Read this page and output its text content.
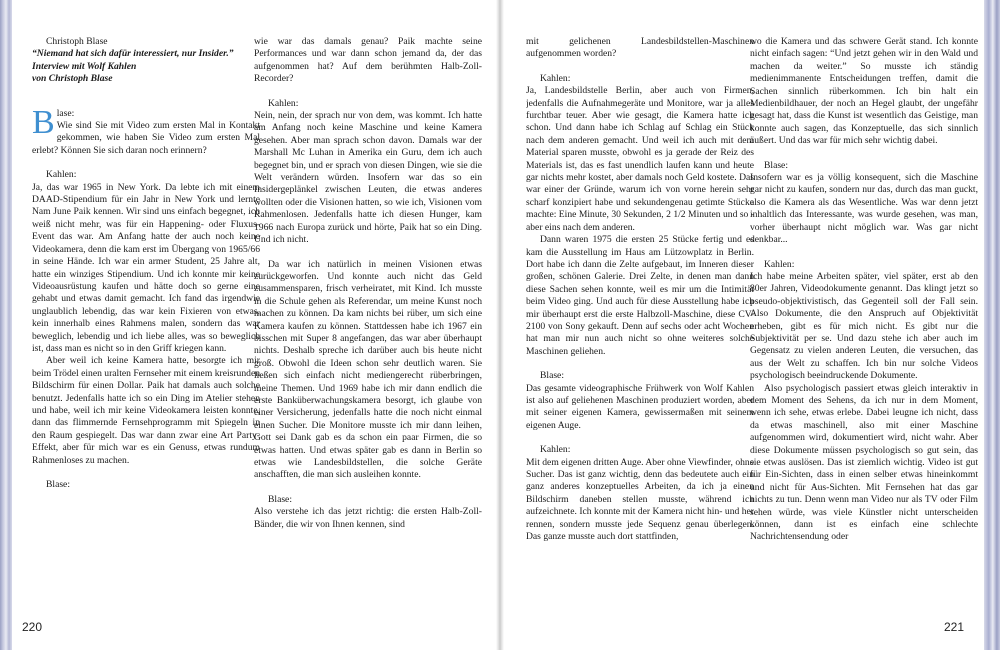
Christoph Blase

“Niemand hat sich dafür interessiert, nur Insider.”
Interview mit Wolf Kahlen
von Christoph Blase

Blase:
Wie sind Sie mit Video zum ersten Mal in Kontakt gekommen, wie haben Sie Video zum ersten Mal erlebt? Können Sie sich daran noch erinnern?

Kahlen:

Ja, das war 1965 in New York. Da lebte ich mit einem DAAD-Stipendium für ein Jahr in New York und lernte Nam June Paik kennen. Wir sind uns einfach begegnet, ich weiß nicht mehr, was für ein Happening- oder Fluxus-Event das war. Am Anfang hatte der auch noch keine Videokamera, denn die kam erst im Übergang von 1965/66 in seine Hände. Ich war ein armer Student, 25 Jahre alt, hatte ein winziges Stipendium. Und ich konnte mir keine Videoausrüstung kaufen und hätte doch so gerne eine gehabt und etwas damit gemacht. Ich fand das irgendwie unglaublich lebendig, das war kein Fixieren von etwas, kein innerhalb eines Rahmens malen, sondern das war beweglich, lebendig und ich liebe alles, was so beweglich ist, dass man es nicht so in den Griff kriegen kann.

Aber weil ich keine Kamera hatte, besorgte ich mir beim Trödel einen uralten Fernseher mit einem kreisrunden Bildschirm für einen Dollar. Paik hat damals auch solche benutzt. Jedenfalls hatte ich so ein Ding im Atelier stehen und habe, weil ich mir keine Videokamera leisten konnte, dann das flimmernde Fernsehprogramm mit Spiegeln in den Raum gespiegelt. Das war dann zwar eine Art Party-Effekt, aber für mich war es ein Genuss, etwas rundum Rahmenloses zu machen.

Blase:

wie war das damals genau? Paik machte seine Performances und war dann schon jemand da, der das aufgenommen hat? Auf dem berühmten Halb-Zoll-Recorder?

Kahlen:

Nein, nein, der sprach nur von dem, was kommt. Ich hatte am Anfang noch keine Maschine und keine Kamera gesehen. Aber man sprach schon davon. Damals war der Marshall Mc Luhan in Amerika ein Guru, dem ich auch begegnet bin, und er sprach von diesen Dingen, wie sie die Welt verändern würden. Insofern war das so ein Insidergeplänkel zwischen Leuten, die etwas anderes wollten oder die Visionen hatten, so wie ich, Visionen vom Rahmenlosen. Jedenfalls hatte ich diesen Hunger, kam 1966 nach Europa zurück und hörte, Paik hat so ein Ding. Und ich nicht.

Da war ich natürlich in meinen Visionen etwas zurückgeworfen. Und konnte auch nicht das Geld zusammensparen, frisch verheiratet, mit Kind. Ich musste in die Schule gehen als Referendar, um meine Kunst noch machen zu können. Da kam nichts bei rüber, um sich eine Kamera kaufen zu können. Stattdessen habe ich 1967 ein bisschen mit Super 8 angefangen, das war aber überhaupt nichts. Deshalb spreche ich darüber auch bis heute nicht groß. Obwohl die Ideen schon sehr deutlich waren. Sie ließen sich einfach nicht mediengerecht rüberbringen, meine Themen. Und 1969 habe ich mir dann endlich die erste Banküberwachungskamera besorgt, ich glaube von einer Versicherung, jedenfalls hatte die noch nicht einmal einen Sucher. Die Monitore musste ich mir dann leihen, Gott sei Dank gab es da schon ein paar Firmen, die so etwas hatten. Und etwas später gab es dann in Berlin so etwas wie Landesbildstellen, die solche Geräte anschafften, die man sich ausleihen konnte.

Blase:

Also verstehe ich das jetzt richtig: die ersten Halb-Zoll-Bänder, die wir von Ihnen kennen, sind

mit gelichenen Landesbildstellen-Maschinen aufgenommen worden?

Kahlen:

Ja, Landesbildstelle Berlin, aber auch von Firmen, jedenfalls die Aufnahmegeräte und Monitore, war ja alles furchtbar teuer. Aber wie gesagt, die Kamera hatte ich schon. Und dann habe ich Schlag auf Schlag ein Stück nach dem anderen gemacht. Und weil ich auch mit dem Material sparen musste, obwohl es ja gerade der Reiz des Materials ist, das es fast unendlich laufen kann und heute gar nichts mehr kostet, aber damals noch Geld kostete. Das war einer der Gründe, warum ich von vorne herein sehr scharf konzipiert habe und sekundengenau getimte Stücke machte: Eine Minute, 30 Sekunden, 2 1/2 Minuten und so - aber eins nach dem anderen.

Dann waren 1975 die ersten 25 Stücke fertig und es kam die Ausstellung im Haus am Lützowplatz in Berlin. Dort habe ich dann die Zelte aufgebaut, im Inneren dieser großen, schönen Galerie. Drei Zelte, in denen man dann diese Sachen sehen konnte, weil es mir um die Intimität beim Video ging. Und auch für diese Ausstellung habe ich mir überhaupt erst die erste Halbzoll-Maschine, diese CV-2100 von Sony gekauft. Denn auf sechs oder acht Wochen hat man mir nun auch nicht so ohne weiteres solche Maschinen geliehen.

Blase:

Das gesamte videographische Frühwerk von Wolf Kahlen ist also auf geliehenen Maschinen produziert worden, aber mit seiner eigenen Kamera, gewissermaßen mit seinem eigenen Auge.

Kahlen:

Mit dem eigenen dritten Auge. Aber ohne Viewfinder, ohne Sucher. Das ist ganz wichtig, denn das bedeutete auch ein ganz anderes konzeptuelles Arbeiten, da ich ja einen Bildschirm daneben stellen musste, während ich aufzeichnete. Ich konnte mit der Kamera nicht hin- und her rennen, sondern musste jede Sequenz genau überlegen. Das ganze musste auch dort stattfinden,

wo die Kamera und das schwere Gerät stand. Ich konnte nicht einfach sagen: “Und jetzt gehen wir in den Wald und machen da weiter.” So musste ich ständig medienimmanente Entscheidungen treffen, damit die Sachen sinnlich rüberkommen. Ich bin halt ein Medienbildhauer, der noch an Hegel glaubt, der ungefähr gesagt hat, dass die Kunst ist wesentlich das Geistige, man konnte auch sagen, das Konzeptuelle, das sich sinnlich äußert. Und das war für mich sehr wichtig dabei.

Blase:

Insofern war es ja völlig konsequent, sich die Maschine gar nicht zu kaufen, sondern nur das, durch das man guckt, also die Kamera als das Wesentliche. Was war denn jetzt inhaltlich das Interessante, was wurde gesehen, was man, vorher überhaupt nicht möglich war. Was gar nicht denkbar...

Kahlen:

Ich habe meine Arbeiten später, viel später, erst ab den 80er Jahren, Videodokumente genannt. Das klingt jetzt so pseudo-objektivistisch, das Gegenteil soll der Fall sein. Also Dokumente, die den Anspruch auf Objektivität erheben, gibt es für mich nicht. Es gibt nur die Subjektivität per se. Und dazu stehe ich aber auch im Gegensatz zu vielen anderen Leuten, die versuchen, das aus der Welt zu schaffen. Ich bin nur solche Videos psychologisch beeindruckende Dokumente.

Also psychologisch passiert etwas gleich interaktiv in dem Moment des Sehens, da ich nur in dem Moment, wenn ich sehe, etwas erlebe. Dabei leugne ich nicht, dass da etwas maschinell, also mit einer Maschine aufgenommen wird, dokumentiert wird, nicht wahr. Aber diese Dokumente müssen psychologisch so gut sein, das sie etwas auslösen. Das ist ziemlich wichtig. Video ist gut für Ein-Sichten, dass in einen selber etwas hineinkommt und nicht für Aus-Sichten. Mit Fernsehen hat das gar nichts zu tun. Denn wenn man Video nur als TV oder Film sehen würde, was viele Künstler nicht unterscheiden können, dann ist es einfach eine schlechte Nachrichtensendung oder

220	221
